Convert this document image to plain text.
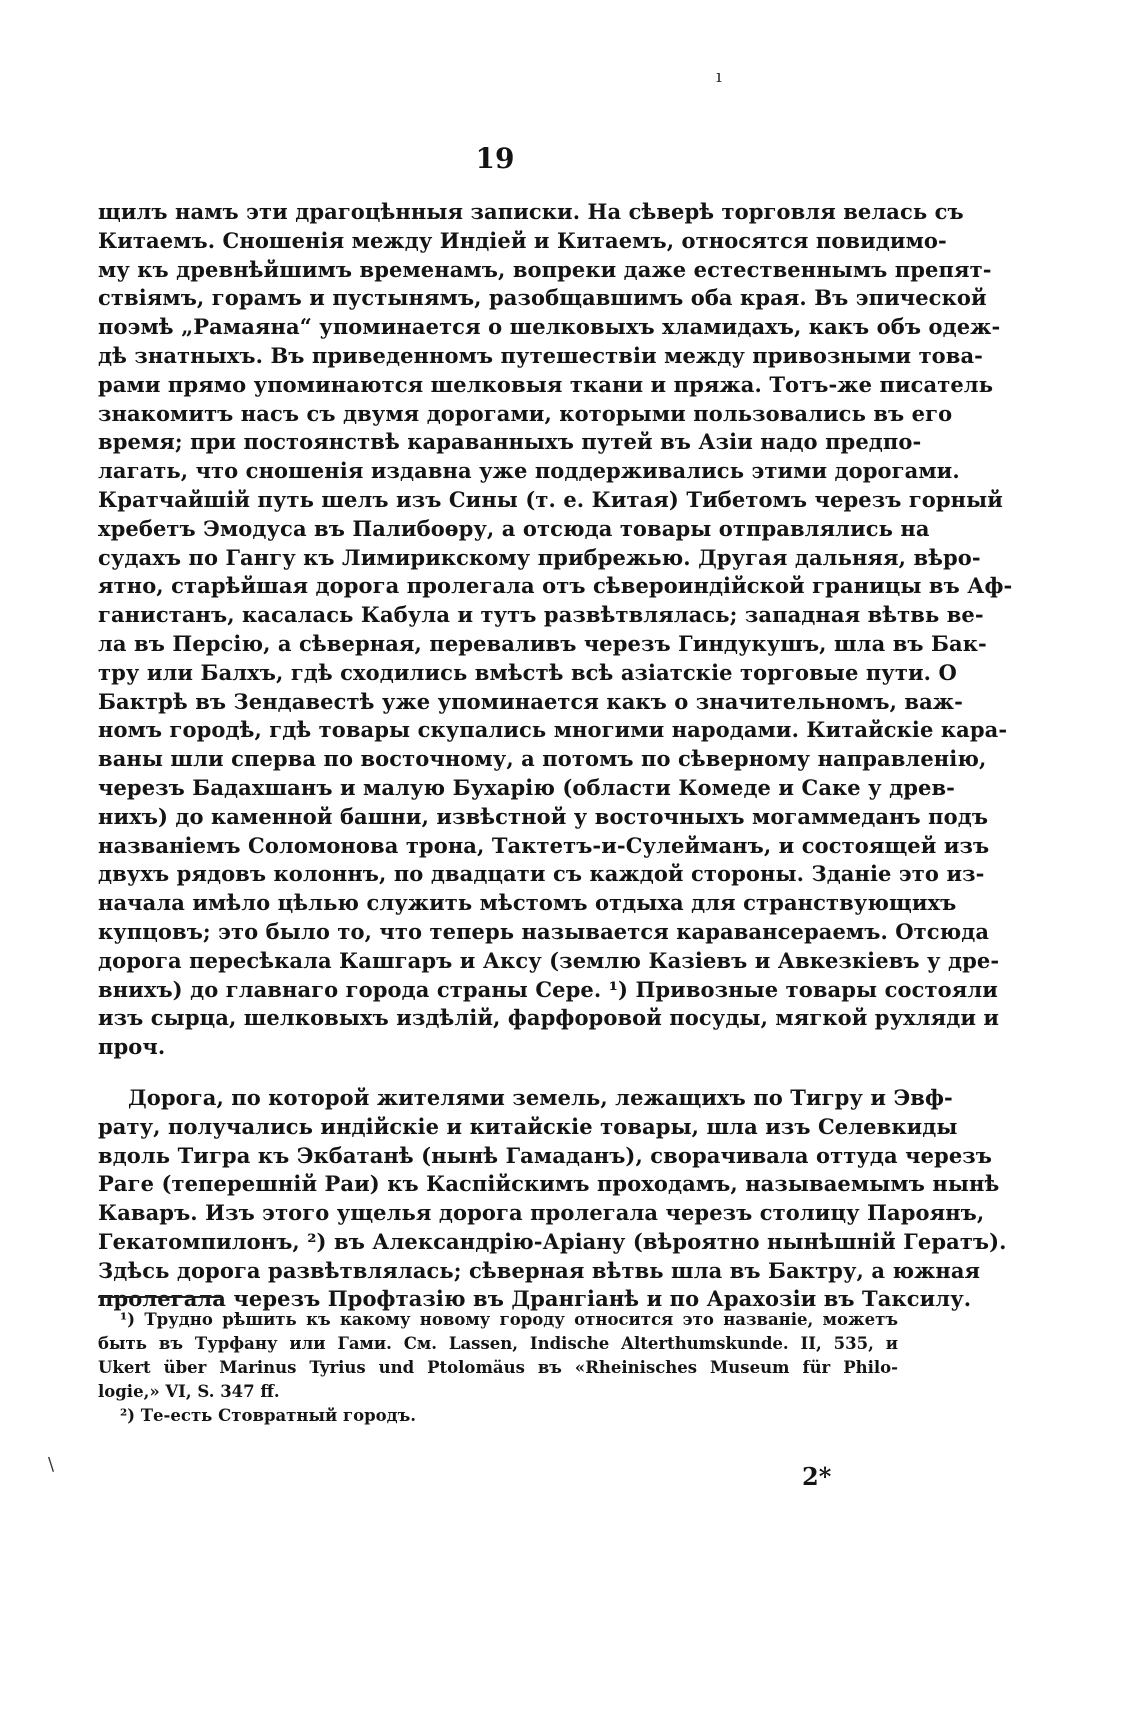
ı
\
19
щилъ намъ эти драгоцѣнныя записки. На сѣверѣ торговля велась съ
Китаемъ. Сношенія между Индіей и Китаемъ, относятся повидимо-
му къ древнѣйшимъ временамъ, вопреки даже естественнымъ препят-
ствіямъ, горамъ и пустынямъ, разобщавшимъ оба края. Въ эпической
поэмѣ „Рамаяна“ упоминается о шелковыхъ хламидахъ, какъ объ одеж-
дѣ знатныхъ. Въ приведенномъ путешествіи между привозными това-
рами прямо упоминаются шелковыя ткани и пряжа. Тотъ-же писатель
знакомитъ насъ съ двумя дорогами, которыми пользовались въ его
время; при постоянствѣ караванныхъ путей въ Азіи надо предпо-
лагать, что сношенія издавна уже поддерживались этими дорогами.
Кратчайшій путь шелъ изъ Сины (т. е. Китая) Тибетомъ черезъ горный
хребетъ Эмодуса въ Палибоѳру, а отсюда товары отправлялись на
судахъ по Гангу къ Лимирикскому прибрежью. Другая дальняя, вѣро-
ятно, старѣйшая дорога пролегала отъ сѣвероиндійской границы въ Аф-
ганистанъ, касалась Кабула и тутъ развѣтвлялась; западная вѣтвь ве-
ла въ Персію, а сѣверная, переваливъ черезъ Гиндукушъ, шла въ Бак-
тру или Балхъ, гдѣ сходились вмѣстѣ всѣ азіатскіе торговые пути. О
Бактрѣ въ Зендавестѣ уже упоминается какъ о значительномъ, важ-
номъ городѣ, гдѣ товары скупались многими народами. Китайскіе кара-
ваны шли сперва по восточному, а потомъ по сѣверному направленію,
черезъ Бадахшанъ и малую Бухарію (области Комеде и Саке у древ-
нихъ) до каменной башни, извѣстной у восточныхъ могаммеданъ подъ
названіемъ Соломонова трона, Тактетъ-и-Сулейманъ, и состоящей изъ
двухъ рядовъ колоннъ, по двадцати съ каждой стороны. Зданіе это из-
начала имѣло цѣлью служить мѣстомъ отдыха для странствующихъ
купцовъ; это было то, что теперь называется каравансераемъ. Отсюда
дорога пересѣкала Кашгаръ и Аксу (землю Казіевъ и Авкезкіевъ у дре-
внихъ) до главнаго города страны Сере. ¹) Привозные товары состояли
изъ сырца, шелковыхъ издѣлій, фарфоровой посуды, мягкой рухляди и
проч.
Дорога, по которой жителями земель, лежащихъ по Тигру и Эвф-
рату, получались индійскіе и китайскіе товары, шла изъ Селевкиды
вдоль Тигра къ Экбатанѣ (нынѣ Гамаданъ), сворачивала оттуда черезъ
Раге (теперешній Раи) къ Каспійскимъ проходамъ, называемымъ нынѣ
Каваръ. Изъ этого ущелья дорога пролегала черезъ столицу Пароянъ,
Гекатомпилонъ, ²) въ Александрію-Аріану (вѣроятно нынѣшній Гератъ).
Здѣсь дорога развѣтвлялась; сѣверная вѣтвь шла въ Бактру, а южная
пролегала черезъ Профтазію въ Дрангіанѣ и по Арахозіи въ Таксилу.
¹) Трудно рѣшить къ какому новому городу относится это названіе, можетъ
быть въ Турфану или Гами. См. Lassen, Indische Alterthumskunde. II, 535, и
Ukert über Marinus Tyrius und Ptolomäus въ «Rheinisches Museum für Philo-
logie,» VI, S. 347 ff.
²) Те-есть Стовратный городъ.
2*
